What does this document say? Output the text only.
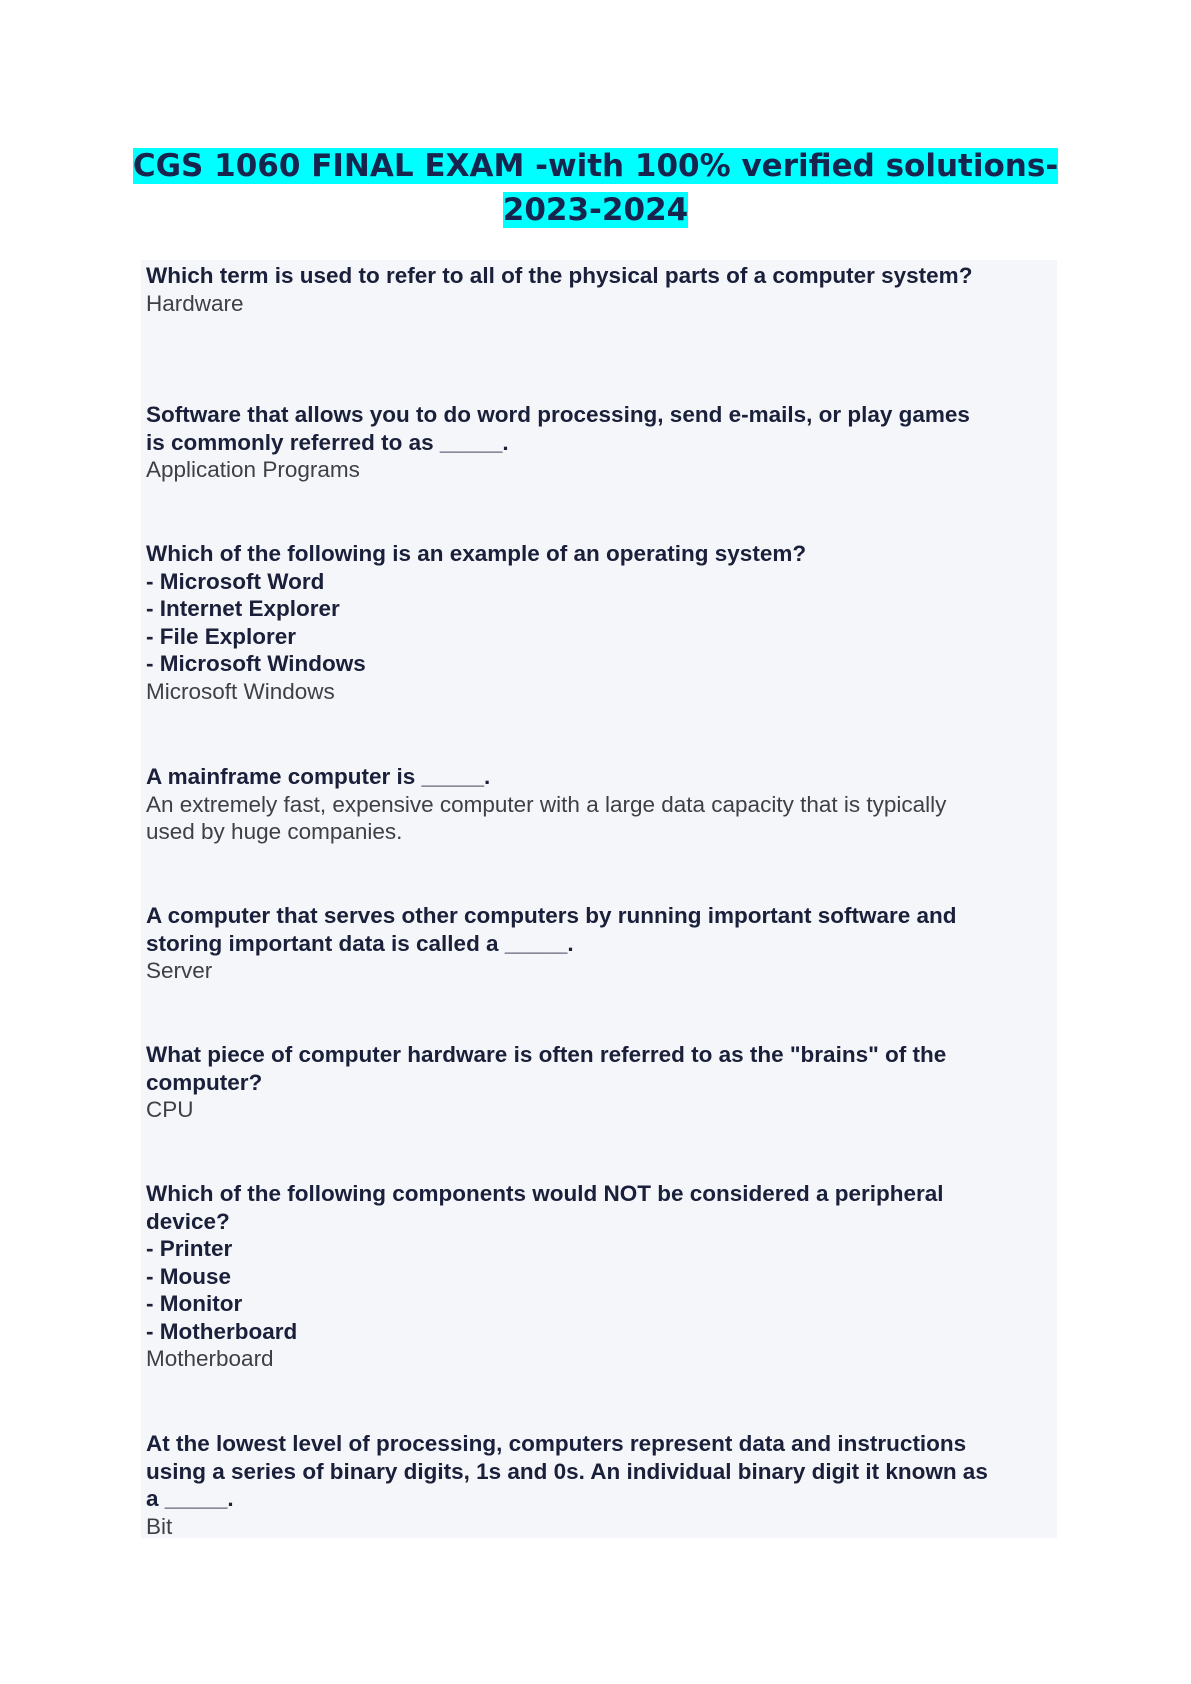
CGS 1060 FINAL EXAM -with 100% verified solutions-
2023-2024
Which term is used to refer to all of the physical parts of a computer system?
Hardware
Software that allows you to do word processing, send e-mails, or play games
is commonly referred to as _____.
Application Programs
Which of the following is an example of an operating system?
- Microsoft Word
- Internet Explorer
- File Explorer
- Microsoft Windows
Microsoft Windows
A mainframe computer is _____.
An extremely fast, expensive computer with a large data capacity that is typically
used by huge companies.
A computer that serves other computers by running important software and
storing important data is called a _____.
Server
What piece of computer hardware is often referred to as the "brains" of the
computer?
CPU
Which of the following components would NOT be considered a peripheral
device?
- Printer
- Mouse
- Monitor
- Motherboard
Motherboard
At the lowest level of processing, computers represent data and instructions
using a series of binary digits, 1s and 0s. An individual binary digit it known as
a _____.
Bit
